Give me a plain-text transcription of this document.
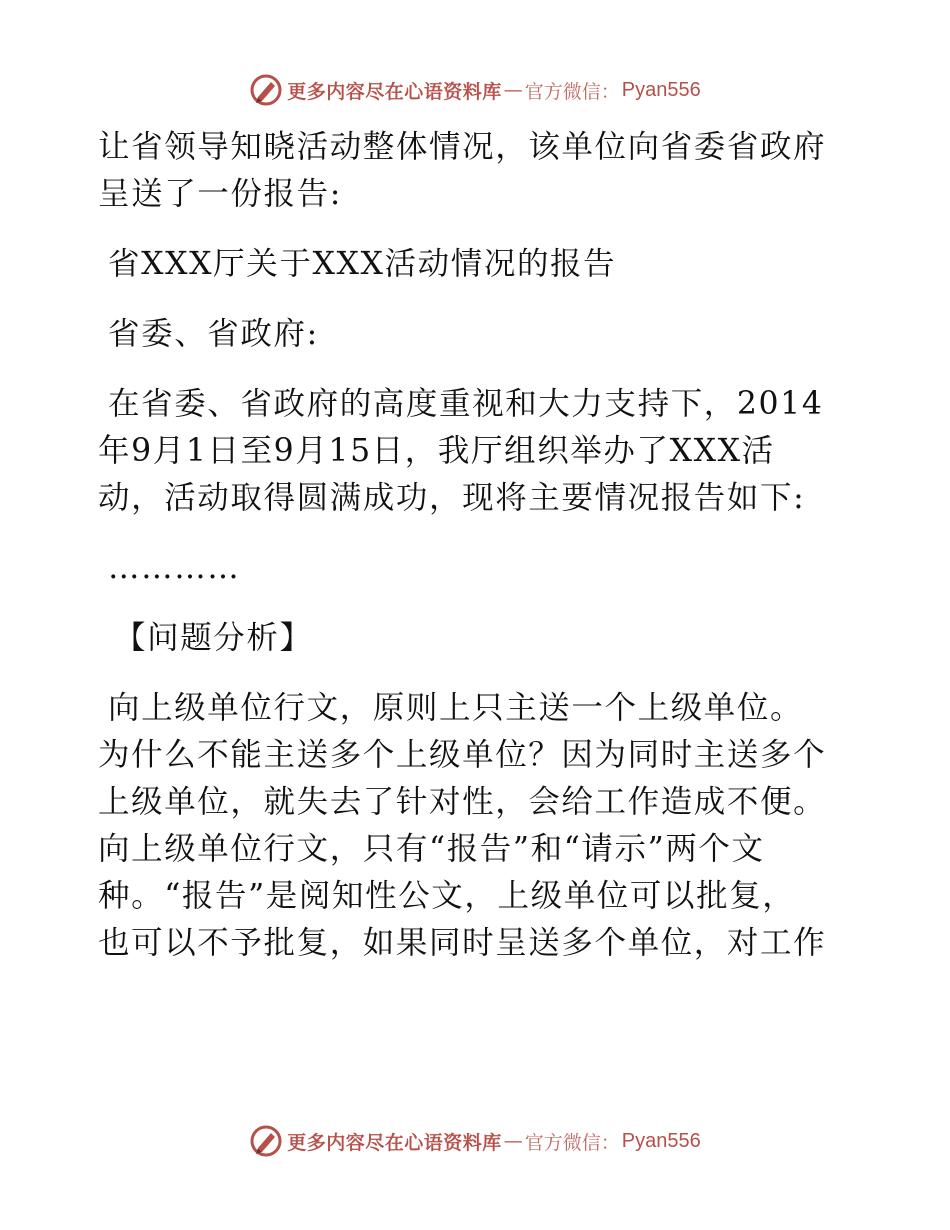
更多内容尽在心语资料库 — 官方微信： Pyan556

让省领导知晓活动整体情况，该单位向省委省政府

呈送了一份报告:

省XXX厅关于XXX活动情况的报告

省委、省政府:

在省委、省政府的高度重视和大力支持下，2014

年9月1日至9月15日，我厅组织举办了XXX活

动，活动取得圆满成功，现将主要情况报告如下:

…………

【问题分析】

向上级单位行文，原则上只主送一个上级单位。

为什么不能主送多个上级单位？因为同时主送多个

上级单位，就失去了针对性，会给工作造成不便。

向上级单位行文，只有“报告”和“请示”两个文

种。“报告”是阅知性公文，上级单位可以批复，

也可以不予批复，如果同时呈送多个单位，对工作

更多内容尽在心语资料库 — 官方微信： Pyan556
